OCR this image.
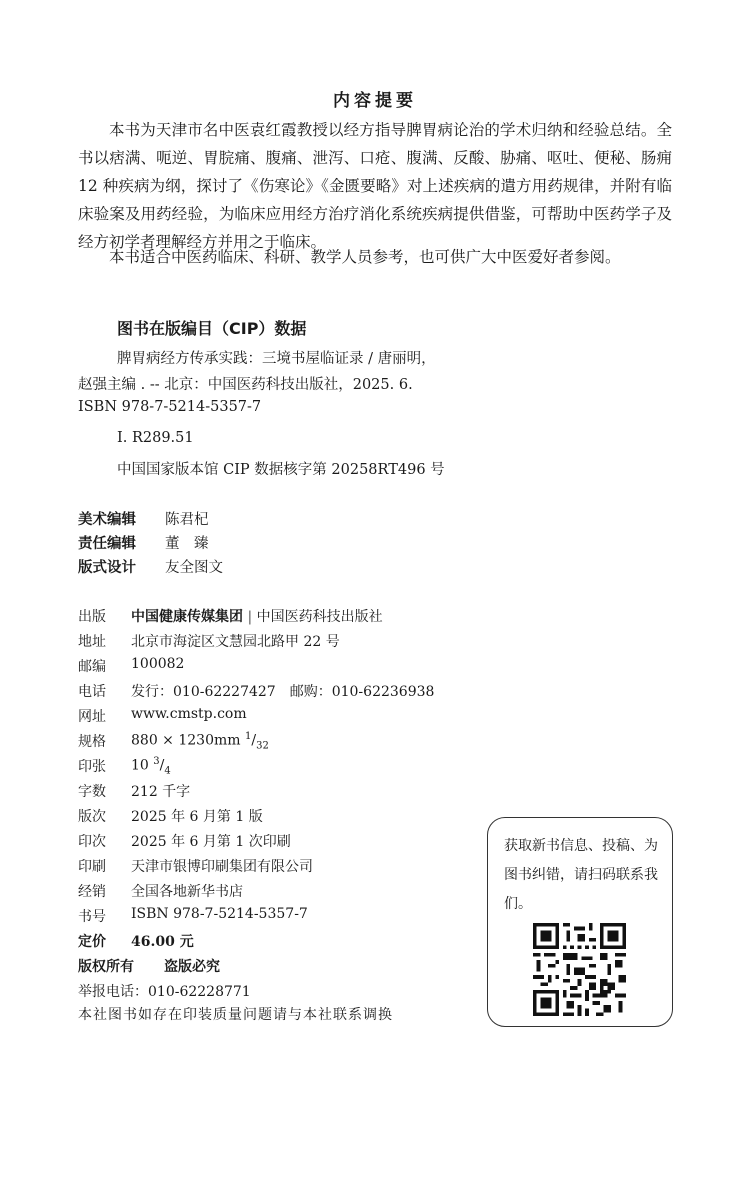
内容提要
本书为天津市名中医袁红霞教授以经方指导脾胃病论治的学术归纳和经验总结。全书以痞满、呃逆、胃脘痛、腹痛、泄泻、口疮、腹满、反酸、胁痛、呕吐、便秘、肠痈 12 种疾病为纲，探讨了《伤寒论》《金匮要略》对上述疾病的遣方用药规律，并附有临床验案及用药经验，为临床应用经方治疗消化系统疾病提供借鉴，可帮助中医药学子及经方初学者理解经方并用之于临床。
本书适合中医药临床、科研、教学人员参考，也可供广大中医爱好者参阅。
图书在版编目（CIP）数据
脾胃病经方传承实践：三境书屋临证录 / 唐丽明，
赵强主编 . -- 北京：中国医药科技出版社，2025. 6.
ISBN 978-7-5214-5357-7
Ⅰ. R289.51
中国国家版本馆 CIP 数据核字第 20258RT496 号
美术编辑 陈君杞
责任编辑 董　臻
版式设计 友全图文
出版 中国健康传媒集团 | 中国医药科技出版社
地址 北京市海淀区文慧园北路甲 22 号
邮编 100082
电话 发行：010-62227427　邮购：010-62236938
网址 www.cmstp.com
规格 880 × 1230mm $^1/_{32}$
印张 10 $^3/_4$
字数 212 千字
版次 2025 年 6 月第 1 版
印次 2025 年 6 月第 1 次印刷
印刷 天津市银博印刷集团有限公司
经销 全国各地新华书店
书号 ISBN 978-7-5214-5357-7
定价 46.00 元
版权所有 盗版必究
举报电话：010-62228771
本社图书如存在印装质量问题请与本社联系调换
获取新书信息、投稿、为图书纠错，请扫码联系我们。
